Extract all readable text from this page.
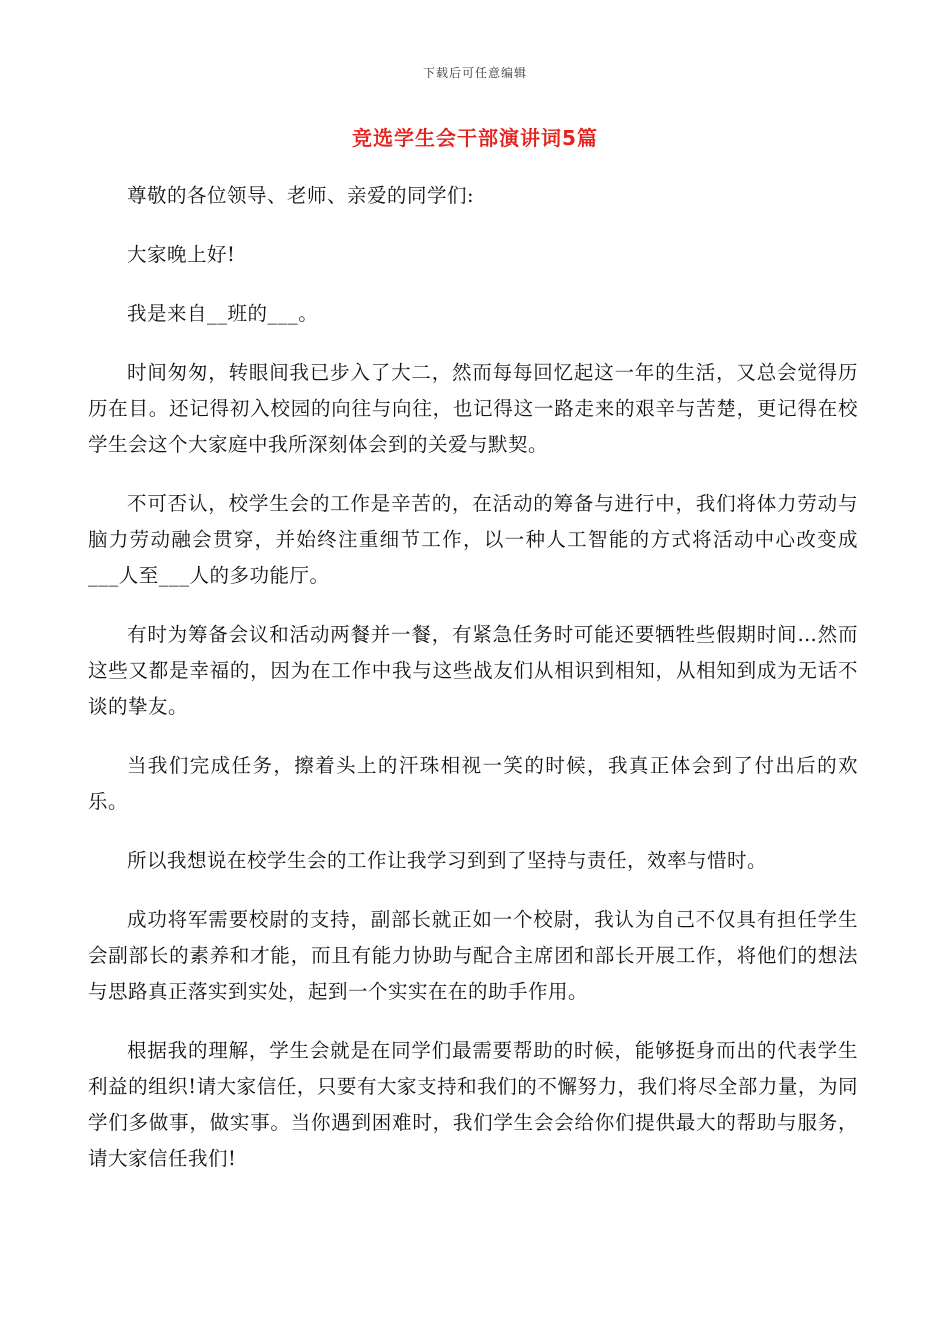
下载后可任意编辑
竞选学生会干部演讲词5篇

尊敬的各位领导、老师、亲爱的同学们:

大家晚上好!

我是来自__班的___。

时间匆匆，转眼间我已步入了大二，然而每每回忆起这一年的生活，又总会觉得历历在目。还记得初入校园的向往与向往，也记得这一路走来的艰辛与苦楚，更记得在校学生会这个大家庭中我所深刻体会到的关爱与默契。

不可否认，校学生会的工作是辛苦的，在活动的筹备与进行中，我们将体力劳动与脑力劳动融会贯穿，并始终注重细节工作，以一种人工智能的方式将活动中心改变成___人至___人的多功能厅。

有时为筹备会议和活动两餐并一餐，有紧急任务时可能还要牺牲些假期时间…然而这些又都是幸福的，因为在工作中我与这些战友们从相识到相知，从相知到成为无话不谈的挚友。

当我们完成任务，擦着头上的汗珠相视一笑的时候，我真正体会到了付出后的欢乐。

所以我想说在校学生会的工作让我学习到到了坚持与责任，效率与惜时。

成功将军需要校尉的支持，副部长就正如一个校尉，我认为自己不仅具有担任学生会副部长的素养和才能，而且有能力协助与配合主席团和部长开展工作，将他们的想法与思路真正落实到实处，起到一个实实在在的助手作用。

根据我的理解，学生会就是在同学们最需要帮助的时候，能够挺身而出的代表学生利益的组织!请大家信任，只要有大家支持和我们的不懈努力，我们将尽全部力量，为同学们多做事，做实事。当你遇到困难时，我们学生会会给你们提供最大的帮助与服务，请大家信任我们!
